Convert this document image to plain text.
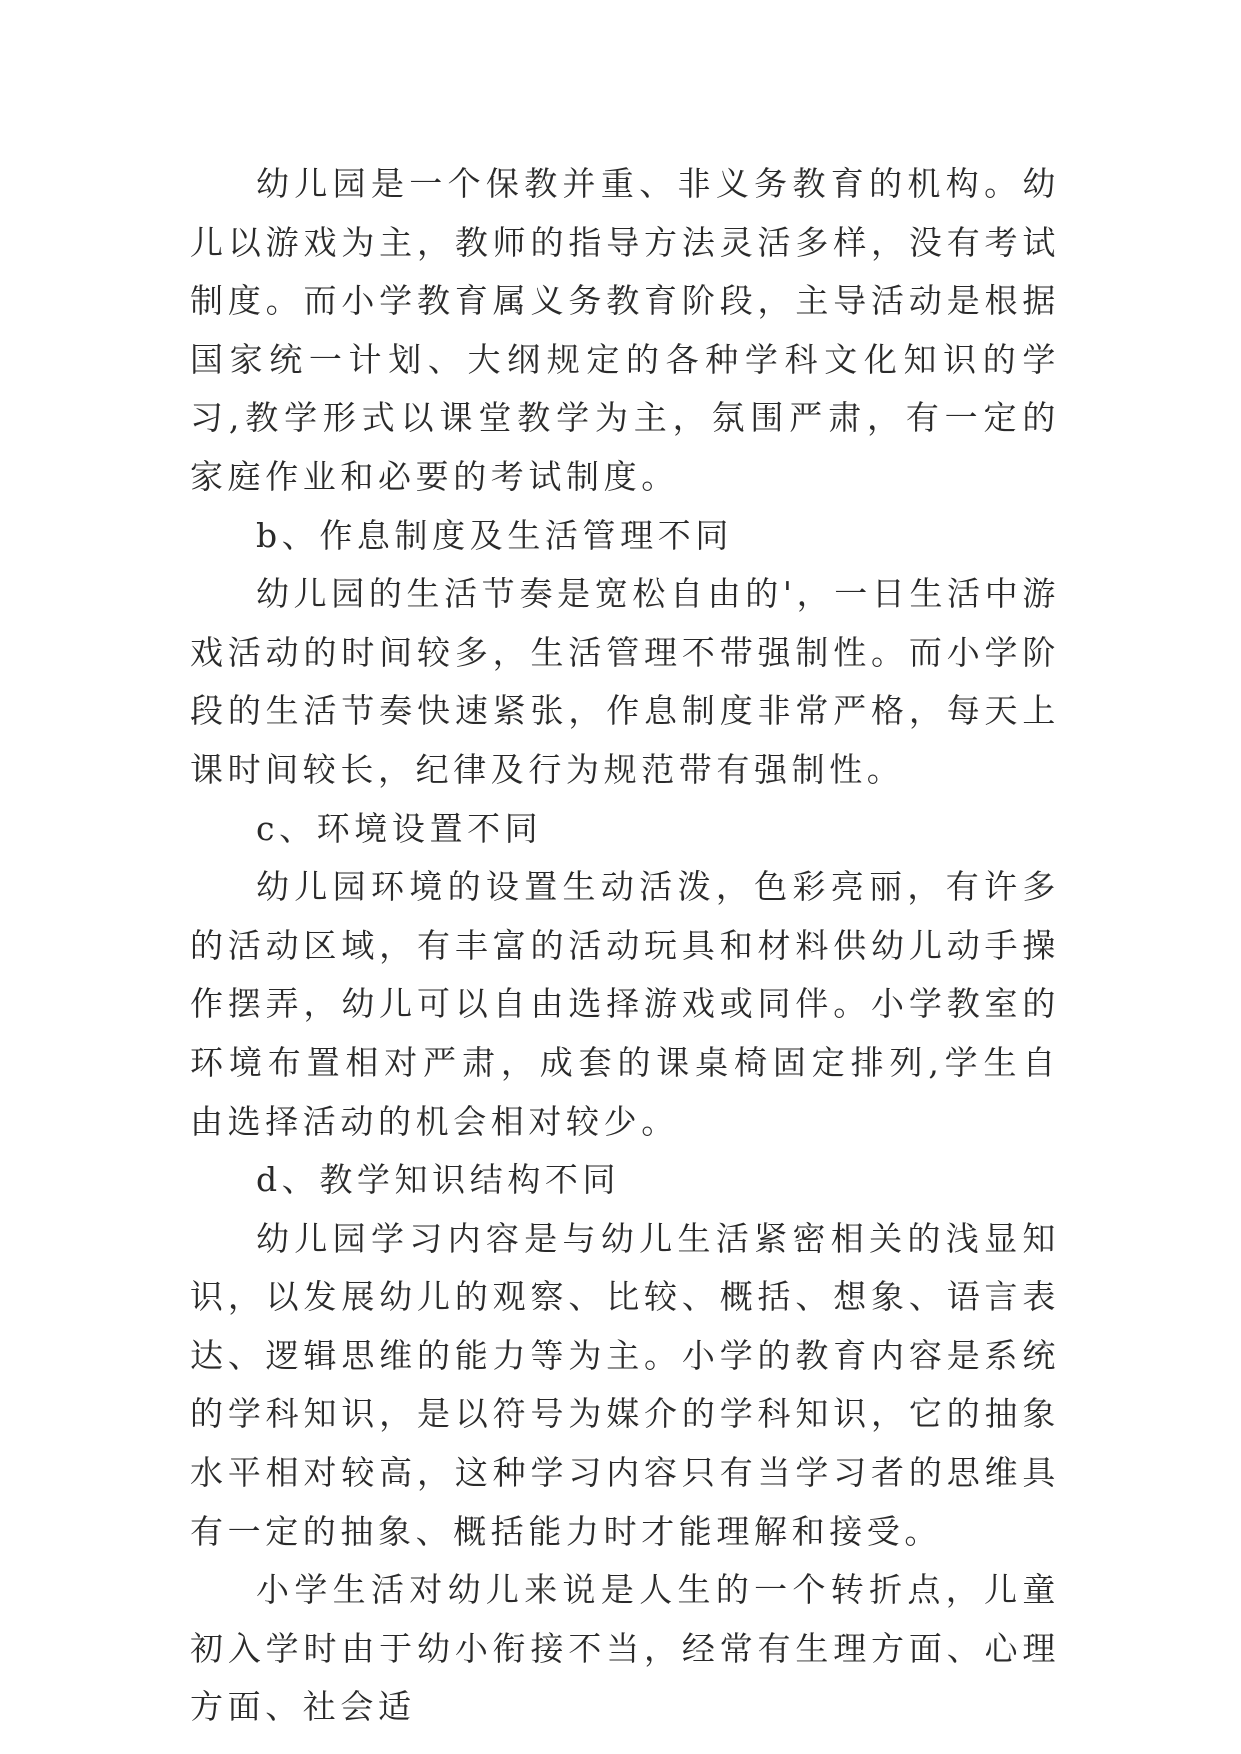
幼儿园是一个保教并重、非义务教育的机构。幼儿以游戏为主，教师的指导方法灵活多样，没有考试制度。而小学教育属义务教育阶段，主导活动是根据国家统一计划、大纲规定的各种学科文化知识的学习,教学形式以课堂教学为主，氛围严肃，有一定的家庭作业和必要的考试制度。

b、作息制度及生活管理不同

幼儿园的生活节奏是宽松自由的'，一日生活中游戏活动的时间较多，生活管理不带强制性。而小学阶段的生活节奏快速紧张，作息制度非常严格，每天上课时间较长，纪律及行为规范带有强制性。

c、环境设置不同

幼儿园环境的设置生动活泼，色彩亮丽，有许多的活动区域，有丰富的活动玩具和材料供幼儿动手操作摆弄，幼儿可以自由选择游戏或同伴。小学教室的环境布置相对严肃，成套的课桌椅固定排列,学生自由选择活动的机会相对较少。

d、教学知识结构不同

幼儿园学习内容是与幼儿生活紧密相关的浅显知识，以发展幼儿的观察、比较、概括、想象、语言表达、逻辑思维的能力等为主。小学的教育内容是系统的学科知识，是以符号为媒介的学科知识，它的抽象水平相对较高，这种学习内容只有当学习者的思维具有一定的抽象、概括能力时才能理解和接受。

小学生活对幼儿来说是人生的一个转折点，儿童初入学时由于幼小衔接不当，经常有生理方面、心理方面、社会适
